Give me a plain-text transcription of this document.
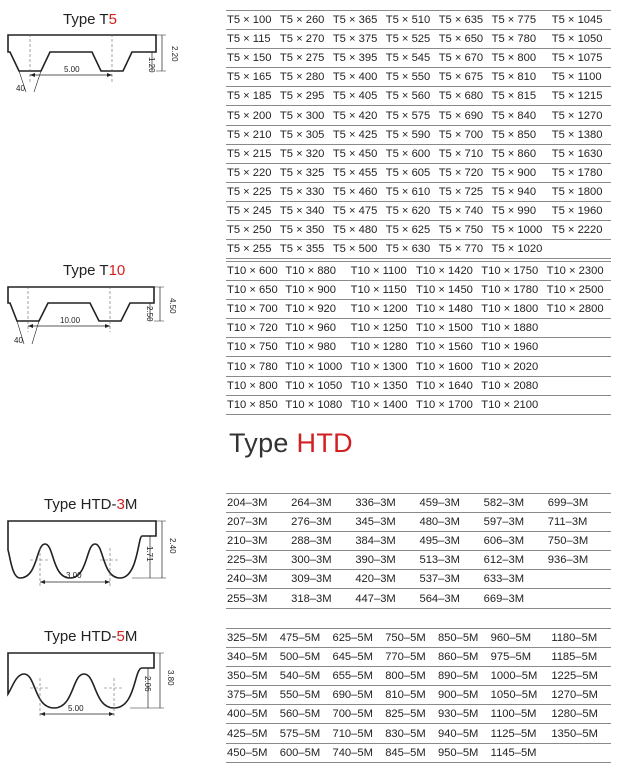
Type T5
5.00
40
2.20
1.20
T5 × 100	T5 × 260	T5 × 365	T5 × 510	T5 × 635	T5 × 775	T5 × 1045
T5 × 115	T5 × 270	T5 × 375	T5 × 525	T5 × 650	T5 × 780	T5 × 1050
T5 × 150	T5 × 275	T5 × 395	T5 × 545	T5 × 670	T5 × 800	T5 × 1075
T5 × 165	T5 × 280	T5 × 400	T5 × 550	T5 × 675	T5 × 810	T5 × 1100
T5 × 185	T5 × 295	T5 × 405	T5 × 560	T5 × 680	T5 × 815	T5 × 1215
T5 × 200	T5 × 300	T5 × 420	T5 × 575	T5 × 690	T5 × 840	T5 × 1270
T5 × 210	T5 × 305	T5 × 425	T5 × 590	T5 × 700	T5 × 850	T5 × 1380
T5 × 215	T5 × 320	T5 × 450	T5 × 600	T5 × 710	T5 × 860	T5 × 1630
T5 × 220	T5 × 325	T5 × 455	T5 × 605	T5 × 720	T5 × 900	T5 × 1780
T5 × 225	T5 × 330	T5 × 460	T5 × 610	T5 × 725	T5 × 940	T5 × 1800
T5 × 245	T5 × 340	T5 × 475	T5 × 620	T5 × 740	T5 × 990	T5 × 1960
T5 × 250	T5 × 350	T5 × 480	T5 × 625	T5 × 750	T5 × 1000	T5 × 2220
T5 × 255	T5 × 355	T5 × 500	T5 × 630	T5 × 770	T5 × 1020	
Type T10
10.00
40
4.50
2.50
T10 × 600	T10 × 880	T10 × 1100	T10 × 1420	T10 × 1750	T10 × 2300
T10 × 650	T10 × 900	T10 × 1150	T10 × 1450	T10 × 1780	T10 × 2500
T10 × 700	T10 × 920	T10 × 1200	T10 × 1480	T10 × 1800	T10 × 2800
T10 × 720	T10 × 960	T10 × 1250	T10 × 1500	T10 × 1880	
T10 × 750	T10 × 980	T10 × 1280	T10 × 1560	T10 × 1960	
T10 × 780	T10 × 1000	T10 × 1300	T10 × 1600	T10 × 2020	
T10 × 800	T10 × 1050	T10 × 1350	T10 × 1640	T10 × 2080	
T10 × 850	T10 × 1080	T10 × 1400	T10 × 1700	T10 × 2100	
Type HTD
Type HTD-3M
3.00
2.40
1.71
204–3M	264–3M	336–3M	459–3M	582–3M	699–3M
207–3M	276–3M	345–3M	480–3M	597–3M	711–3M
210–3M	288–3M	384–3M	495–3M	606–3M	750–3M
225–3M	300–3M	390–3M	513–3M	612–3M	936–3M
240–3M	309–3M	420–3M	537–3M	633–3M	
255–3M	318–3M	447–3M	564–3M	669–3M	
Type HTD-5M
5.00
3.80
2.06
325–5M	475–5M	625–5M	750–5M	850–5M	960–5M	1180–5M
340–5M	500–5M	645–5M	770–5M	860–5M	975–5M	1185–5M
350–5M	540–5M	655–5M	800–5M	890–5M	1000–5M	1225–5M
375–5M	550–5M	690–5M	810–5M	900–5M	1050–5M	1270–5M
400–5M	560–5M	700–5M	825–5M	930–5M	1100–5M	1280–5M
425–5M	575–5M	710–5M	830–5M	940–5M	1125–5M	1350–5M
450–5M	600–5M	740–5M	845–5M	950–5M	1145–5M	
